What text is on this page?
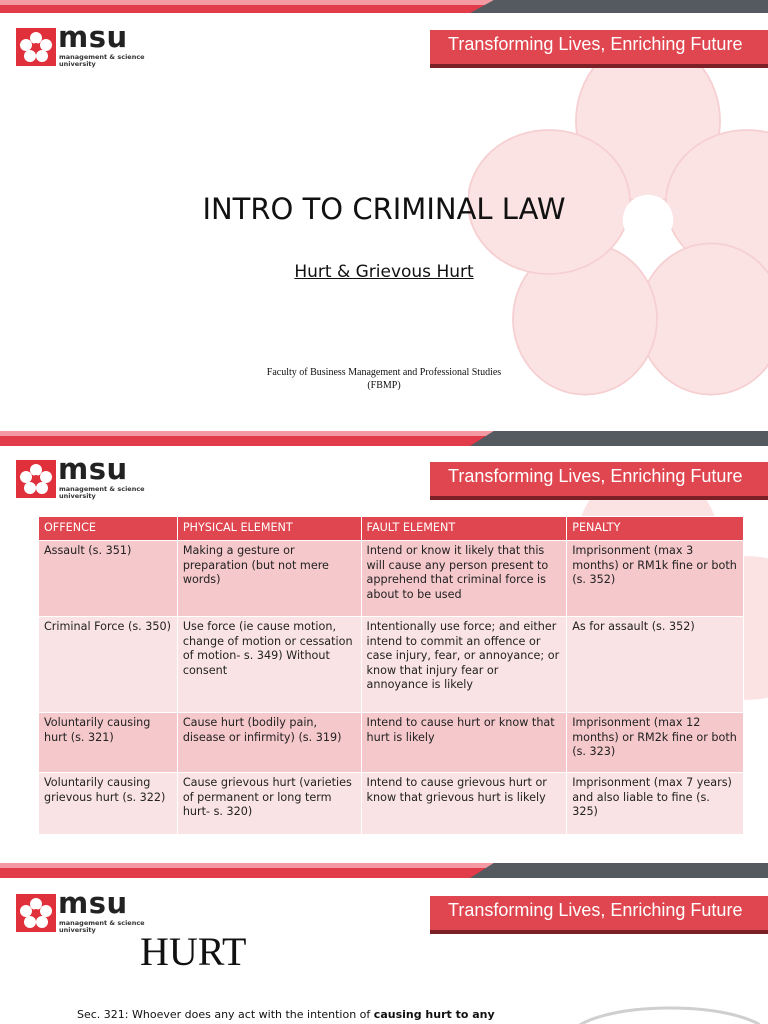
msu
management & science university
Transforming Lives, Enriching Future
INTRO TO CRIMINAL LAW
Hurt & Grievous Hurt
Faculty of Business Management and Professional Studies
(FBMP)
msu
management & science university
Transforming Lives, Enriching Future
OFFENCE	PHYSICAL ELEMENT	FAULT ELEMENT	PENALTY
Assault (s. 351)	Making a gesture or preparation (but not mere words)	Intend or know it likely that this will cause any person present to apprehend that criminal force is about to be used	Imprisonment (max 3 months) or RM1k fine or both (s. 352)
Criminal Force (s. 350)	Use force (ie cause motion, change of motion or cessation of motion- s. 349) Without consent	Intentionally use force; and either intend to commit an offence or case injury, fear, or annoyance; or know that injury fear or annoyance is likely	As for assault (s. 352)
Voluntarily causing hurt (s. 321)	Cause hurt (bodily pain, disease or infirmity) (s. 319)	Intend to cause hurt or know that hurt is likely	Imprisonment (max 12 months) or RM2k fine or both (s. 323)
Voluntarily causing grievous hurt (s. 322)	Cause grievous hurt (varieties of permanent or long term hurt- s. 320)	Intend to cause grievous hurt or know that grievous hurt is likely	Imprisonment (max 7 years) and also liable to fine (s. 325)
msu
management & science university
Transforming Lives, Enriching Future
HURT
Sec. 321: Whoever does any act with the intention of causing hurt to any
